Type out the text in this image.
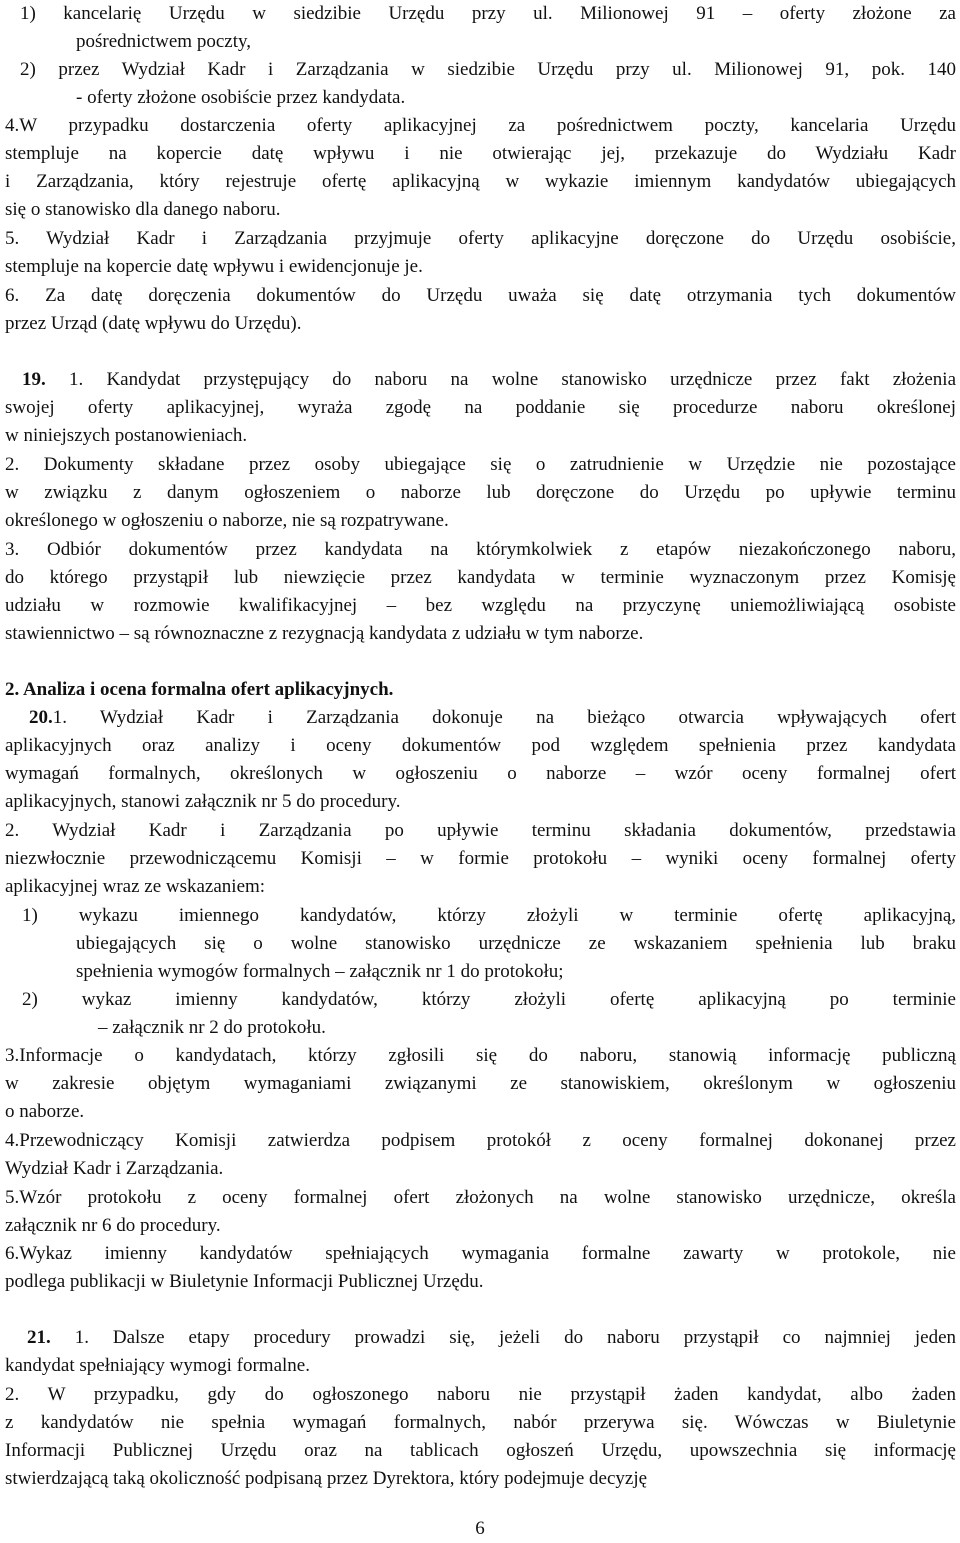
1) kancelarię Urzędu w siedzibie Urzędu przy ul. Milionowej 91 – oferty złożone za
pośrednictwem poczty,
2) przez Wydział Kadr i Zarządzania w siedzibie Urzędu przy ul. Milionowej 91, pok. 140
- oferty złożone osobiście przez kandydata.
4.W przypadku dostarczenia oferty aplikacyjnej za pośrednictwem poczty, kancelaria Urzędu
stempluje na kopercie datę wpływu i nie otwierając jej, przekazuje do Wydziału Kadr
i Zarządzania, który rejestruje ofertę aplikacyjną w wykazie imiennym kandydatów ubiegających
się o stanowisko dla danego naboru.
5. Wydział Kadr i Zarządzania przyjmuje oferty aplikacyjne doręczone do Urzędu osobiście,
stempluje na kopercie datę wpływu i ewidencjonuje je.
6. Za datę doręczenia dokumentów do Urzędu uważa się datę otrzymania tych dokumentów
przez Urząd (datę wpływu do Urzędu).
19. 1. Kandydat przystępujący do naboru na wolne stanowisko urzędnicze przez fakt złożenia
swojej oferty aplikacyjnej, wyraża zgodę na poddanie się procedurze naboru określonej
w niniejszych postanowieniach.
2. Dokumenty składane przez osoby ubiegające się o zatrudnienie w Urzędzie nie pozostające
w związku z danym ogłoszeniem o naborze lub doręczone do Urzędu po upływie terminu
określonego w ogłoszeniu o naborze, nie są rozpatrywane.
3. Odbiór dokumentów przez kandydata na którymkolwiek z etapów niezakończonego naboru,
do którego przystąpił lub niewzięcie przez kandydata w terminie wyznaczonym przez Komisję
udziału w rozmowie kwalifikacyjnej – bez względu na przyczynę uniemożliwiającą osobiste
stawiennictwo – są równoznaczne z rezygnacją kandydata z udziału w tym naborze.
2. Analiza i ocena formalna ofert aplikacyjnych.
20.1. Wydział Kadr i Zarządzania dokonuje na bieżąco otwarcia wpływających ofert
aplikacyjnych oraz analizy i oceny dokumentów pod względem spełnienia przez kandydata
wymagań formalnych, określonych w ogłoszeniu o naborze – wzór oceny formalnej ofert
aplikacyjnych, stanowi załącznik nr 5 do procedury.
2. Wydział Kadr i Zarządzania po upływie terminu składania dokumentów, przedstawia
niezwłocznie przewodniczącemu Komisji – w formie protokołu – wyniki oceny formalnej oferty
aplikacyjnej wraz ze wskazaniem:
1) wykazu imiennego kandydatów, którzy złożyli w terminie ofertę aplikacyjną,
ubiegających się o wolne stanowisko urzędnicze ze wskazaniem spełnienia lub braku
spełnienia wymogów formalnych – załącznik nr 1 do protokołu;
2) wykaz imienny kandydatów, którzy złożyli ofertę aplikacyjną po terminie
– załącznik nr 2 do protokołu.
3.Informacje o kandydatach, którzy zgłosili się do naboru, stanowią informację publiczną
w zakresie objętym wymaganiami związanymi ze stanowiskiem, określonym w ogłoszeniu
o naborze.
4.Przewodniczący Komisji zatwierdza podpisem protokół z oceny formalnej dokonanej przez
Wydział Kadr i Zarządzania.
5.Wzór protokołu z oceny formalnej ofert złożonych na wolne stanowisko urzędnicze, określa
załącznik nr 6 do procedury.
6.Wykaz imienny kandydatów spełniających wymagania formalne zawarty w protokole, nie
podlega publikacji w Biuletynie Informacji Publicznej Urzędu.
21. 1. Dalsze etapy procedury prowadzi się, jeżeli do naboru przystąpił co najmniej jeden
kandydat spełniający wymogi formalne.
2. W przypadku, gdy do ogłoszonego naboru nie przystąpił żaden kandydat, albo żaden
z kandydatów nie spełnia wymagań formalnych, nabór przerywa się. Wówczas w Biuletynie
Informacji Publicznej Urzędu oraz na tablicach ogłoszeń Urzędu, upowszechnia się informację
stwierdzającą taką okoliczność podpisaną przez Dyrektora, który podejmuje decyzję
6
